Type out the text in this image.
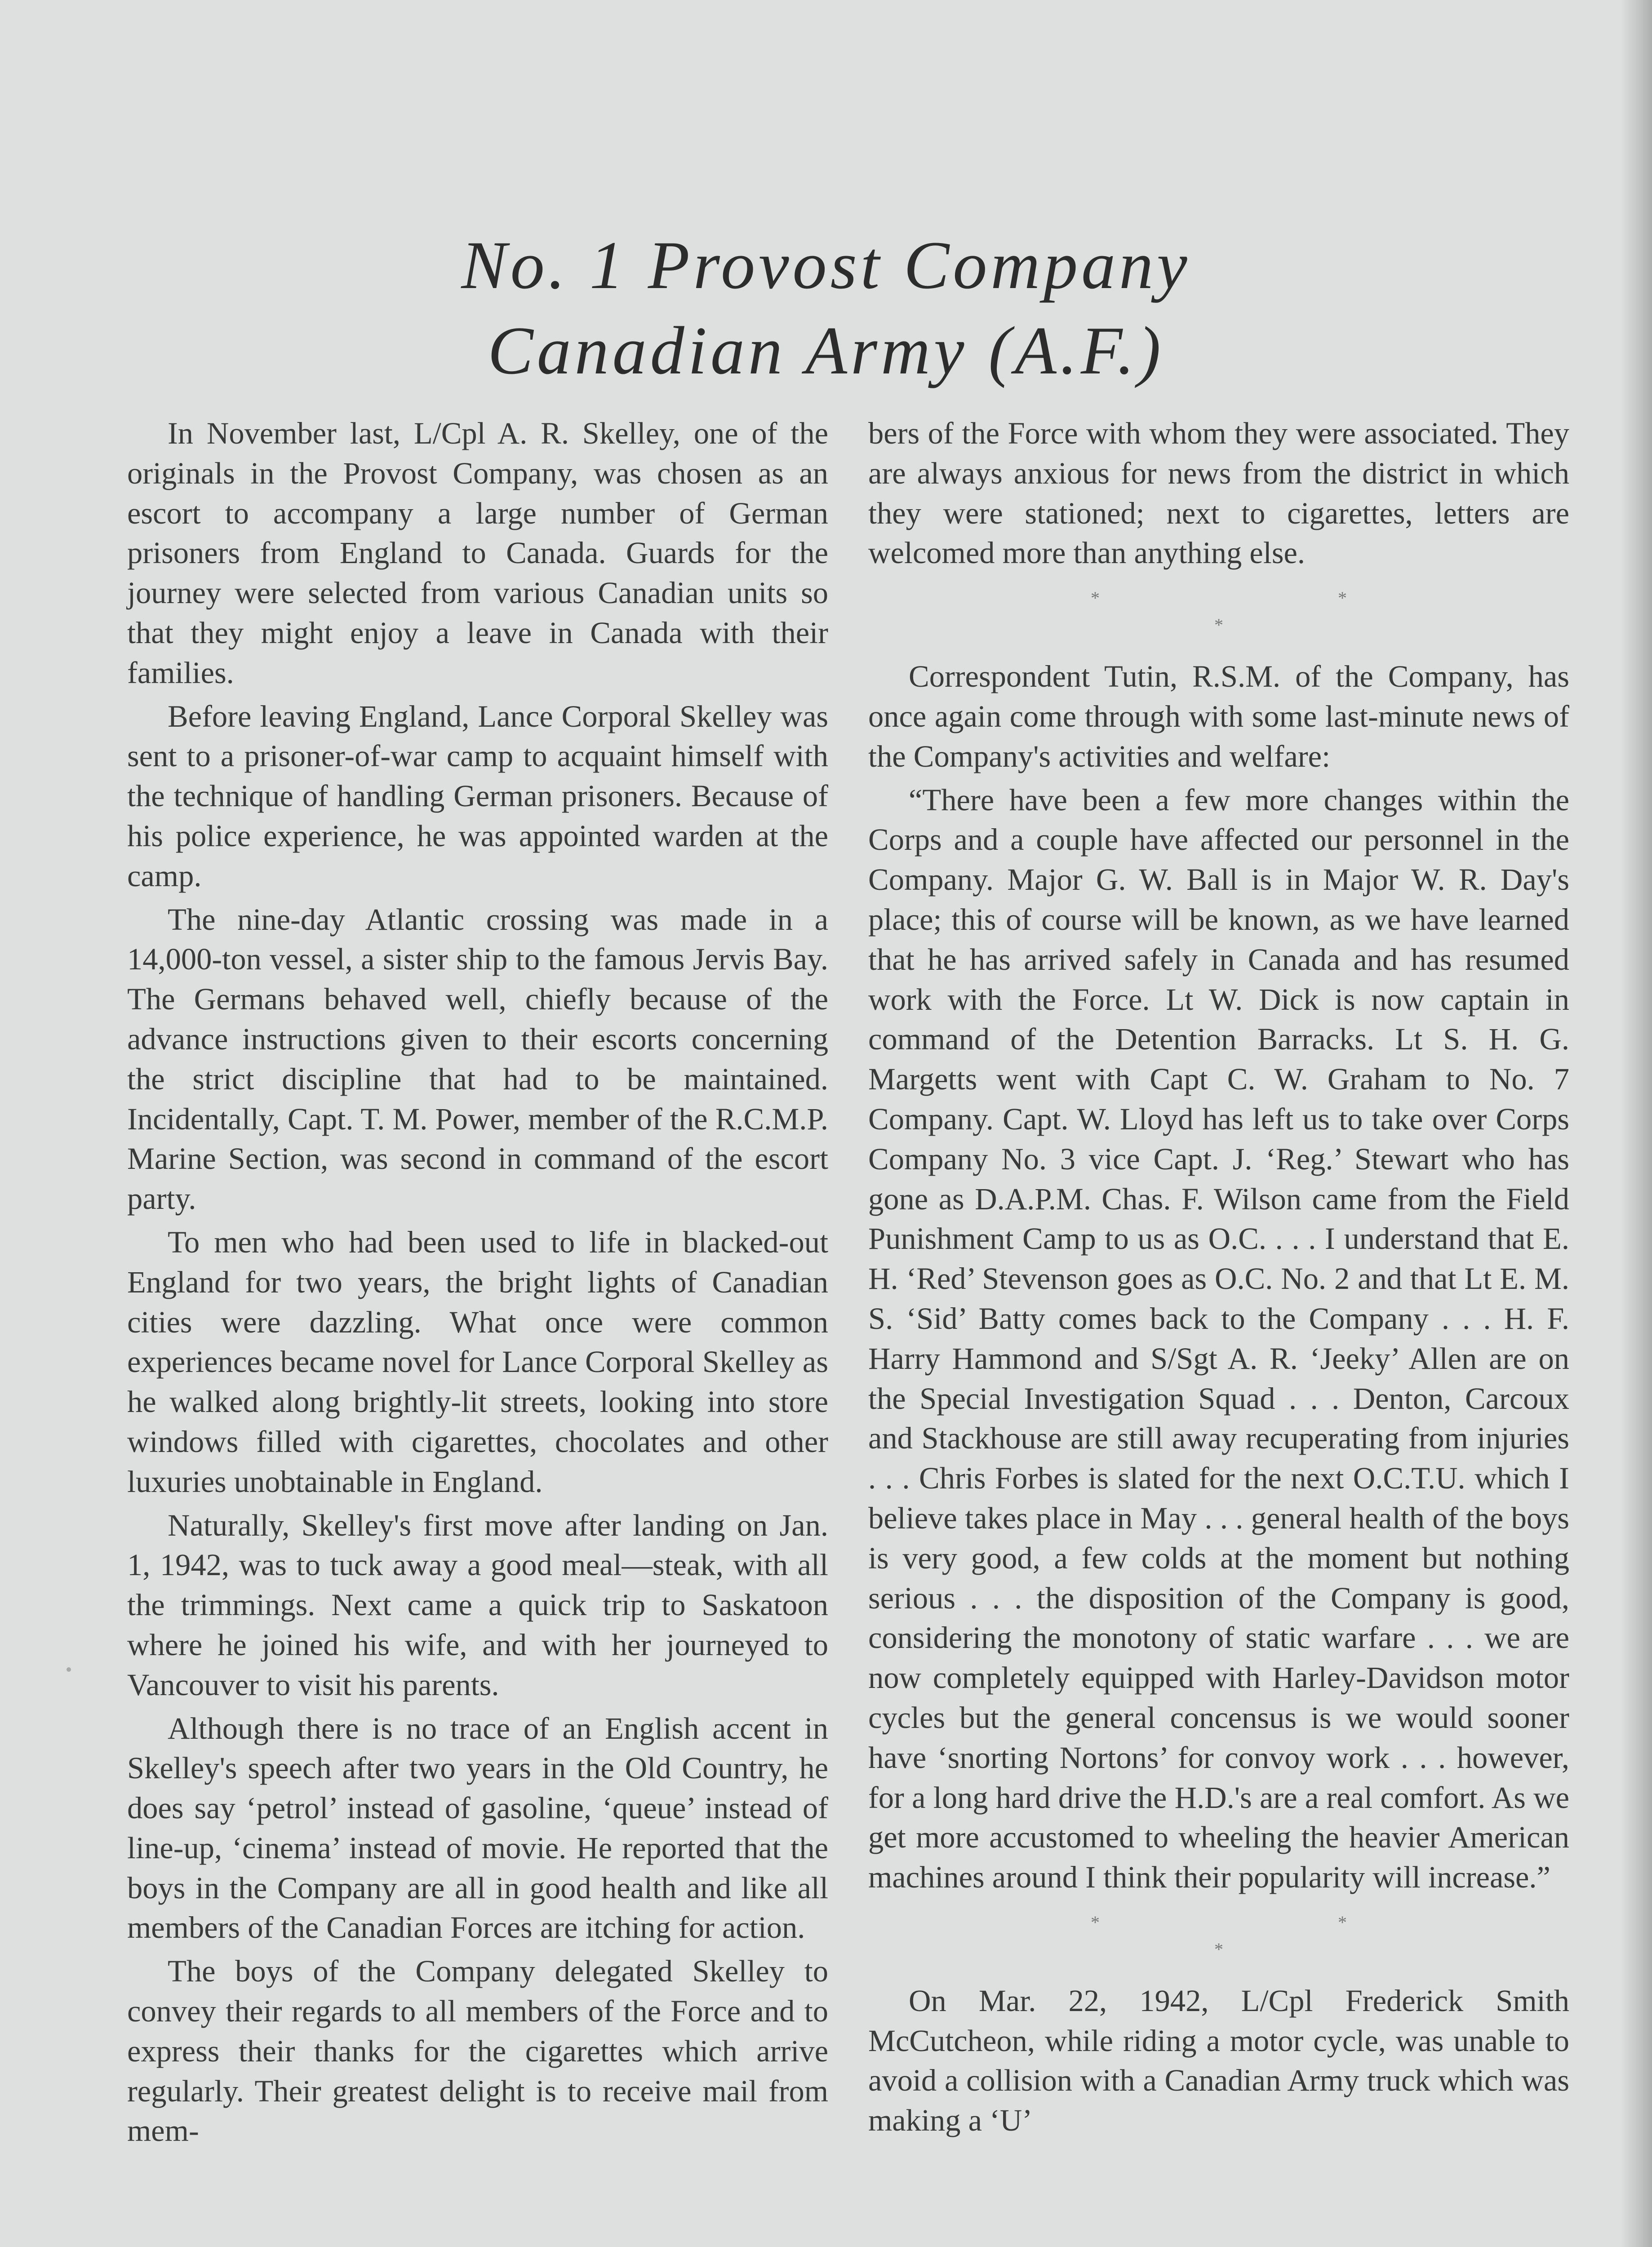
No. 1 Provost Company
Canadian Army (A.F.)

In November last, L/Cpl A. R. Skelley, one of the originals in the Provost Company, was chosen as an escort to accompany a large number of German prisoners from England to Canada. Guards for the journey were selected from various Canadian units so that they might enjoy a leave in Canada with their families.

Before leaving England, Lance Corporal Skelley was sent to a prisoner-of-war camp to acquaint himself with the technique of handling German prisoners. Because of his police experience, he was appointed warden at the camp.

The nine-day Atlantic crossing was made in a 14,000-ton vessel, a sister ship to the famous Jervis Bay. The Germans behaved well, chiefly because of the advance instructions given to their escorts concerning the strict discipline that had to be maintained. Incidentally, Capt. T. M. Power, member of the R.C.M.P. Marine Section, was second in command of the escort party.

To men who had been used to life in blacked-out England for two years, the bright lights of Canadian cities were dazzling. What once were common experiences became novel for Lance Corporal Skelley as he walked along brightly-lit streets, looking into store windows filled with cigarettes, chocolates and other luxuries unobtainable in England.

Naturally, Skelley's first move after landing on Jan. 1, 1942, was to tuck away a good meal—steak, with all the trimmings. Next came a quick trip to Saskatoon where he joined his wife, and with her journeyed to Vancouver to visit his parents.

Although there is no trace of an English accent in Skelley's speech after two years in the Old Country, he does say ‘petrol’ instead of gasoline, ‘queue’ instead of line-up, ‘cinema’ instead of movie. He reported that the boys in the Company are all in good health and like all members of the Canadian Forces are itching for action.

The boys of the Company delegated Skelley to convey their regards to all members of the Force and to express their thanks for the cigarettes which arrive regularly. Their greatest delight is to receive mail from mem-

bers of the Force with whom they were associated. They are always anxious for news from the district in which they were stationed; next to cigarettes, letters are welcomed more than anything else.

* * *

Correspondent Tutin, R.S.M. of the Company, has once again come through with some last-minute news of the Company's activities and welfare:

“There have been a few more changes within the Corps and a couple have affected our personnel in the Company. Major G. W. Ball is in Major W. R. Day's place; this of course will be known, as we have learned that he has arrived safely in Canada and has resumed work with the Force. Lt W. Dick is now captain in command of the Detention Barracks. Lt S. H. G. Margetts went with Capt C. W. Graham to No. 7 Company. Capt. W. Lloyd has left us to take over Corps Company No. 3 vice Capt. J. ‘Reg.’ Stewart who has gone as D.A.P.M. Chas. F. Wilson came from the Field Punishment Camp to us as O.C. . . . I understand that E. H. ‘Red’ Stevenson goes as O.C. No. 2 and that Lt E. M. S. ‘Sid’ Batty comes back to the Company . . . H. F. Harry Hammond and S/Sgt A. R. ‘Jeeky’ Allen are on the Special Investigation Squad . . . Denton, Carcoux and Stackhouse are still away recuperating from injuries . . . Chris Forbes is slated for the next O.C.T.U. which I believe takes place in May . . . general health of the boys is very good, a few colds at the moment but nothing serious . . . the disposition of the Company is good, considering the monotony of static warfare . . . we are now completely equipped with Harley-Davidson motor cycles but the general concensus is we would sooner have ‘snorting Nortons’ for convoy work . . . however, for a long hard drive the H.D.'s are a real comfort. As we get more accustomed to wheeling the heavier American machines around I think their popularity will increase.”

* * *

On Mar. 22, 1942, L/Cpl Frederick Smith McCutcheon, while riding a motor cycle, was unable to avoid a collision with a Canadian Army truck which was making a ‘U’
